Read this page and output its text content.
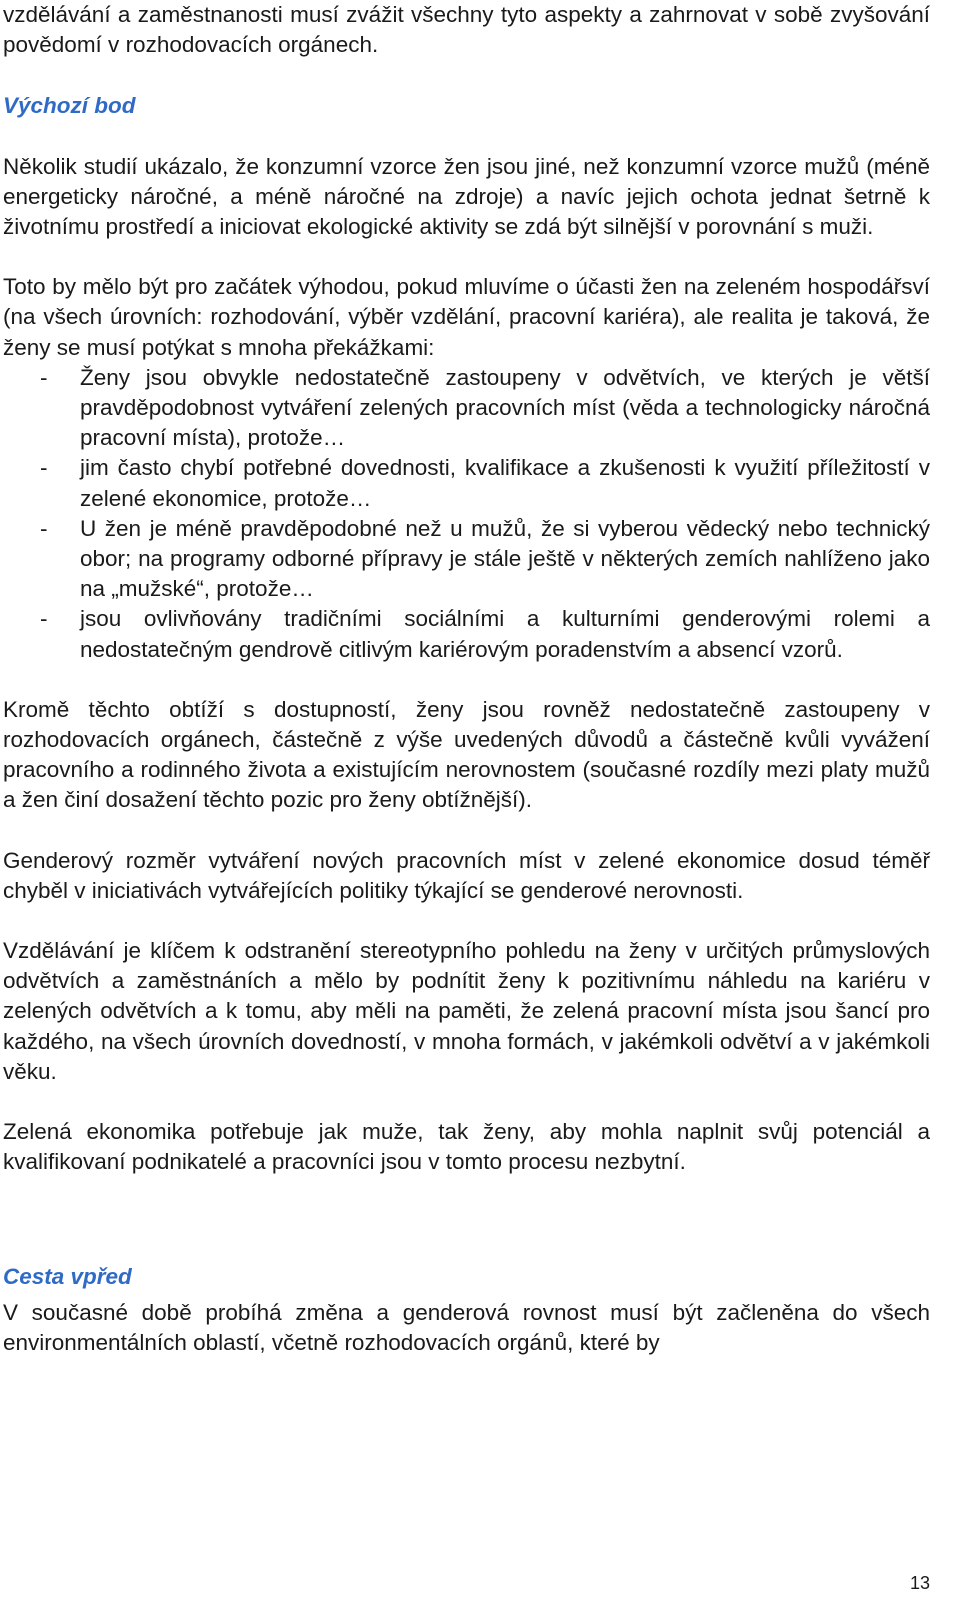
vzdělávání a zaměstnanosti musí zvážit všechny tyto aspekty a zahrnovat v sobě zvyšování povědomí v rozhodovacích orgánech.

Výchozí bod

Několik studií ukázalo, že konzumní vzorce žen jsou jiné, než konzumní vzorce mužů (méně energeticky náročné, a méně náročné na zdroje) a navíc jejich ochota jednat šetrně k životnímu prostředí a iniciovat ekologické aktivity se zdá být silnější v porovnání s muži.

Toto by mělo být pro začátek výhodou, pokud mluvíme o účasti žen na zeleném hospodářsví (na všech úrovních: rozhodování, výběr vzdělání, pracovní kariéra), ale realita je taková, že ženy se musí potýkat s mnoha překážkami:

- Ženy jsou obvykle nedostatečně zastoupeny v odvětvích, ve kterých je větší pravděpodobnost vytváření zelených pracovních míst (věda a technologicky náročná pracovní místa), protože…
- jim často chybí potřebné dovednosti, kvalifikace a zkušenosti k využití příležitostí v zelené ekonomice, protože…
- U žen je méně pravděpodobné než u mužů, že si vyberou vědecký nebo technický obor; na programy odborné přípravy je stále ještě v některých zemích nahlíženo jako na „mužské“, protože…
- jsou ovlivňovány tradičními sociálními a kulturními genderovými rolemi a nedostatečným gendrově citlivým kariérovým poradenstvím a absencí vzorů.

Kromě těchto obtíží s dostupností, ženy jsou rovněž nedostatečně zastoupeny v rozhodovacích orgánech, částečně z výše uvedených důvodů a částečně kvůli vyvážení pracovního a rodinného života a existujícím nerovnostem (současné rozdíly mezi platy mužů a žen činí dosažení těchto pozic pro ženy obtížnější).

Genderový rozměr vytváření nových pracovních míst v zelené ekonomice dosud téměř chyběl v iniciativách vytvářejících politiky týkající se genderové nerovnosti.

Vzdělávání je klíčem k odstranění stereotypního pohledu na ženy v určitých průmyslových odvětvích a zaměstnáních a mělo by podnítit ženy k pozitivnímu náhledu na kariéru v zelených odvětvích a k tomu, aby měli na paměti, že zelená pracovní místa jsou šancí pro každého, na všech úrovních dovedností, v mnoha formách, v jakémkoli odvětví a v jakémkoli věku.

Zelená ekonomika potřebuje jak muže, tak ženy, aby mohla naplnit svůj potenciál a kvalifikovaní podnikatelé a pracovníci jsou v tomto procesu nezbytní.

Cesta vpřed

V současné době probíhá změna a genderová rovnost musí být začleněna do všech environmentálních oblastí, včetně rozhodovacích orgánů, které by

13
